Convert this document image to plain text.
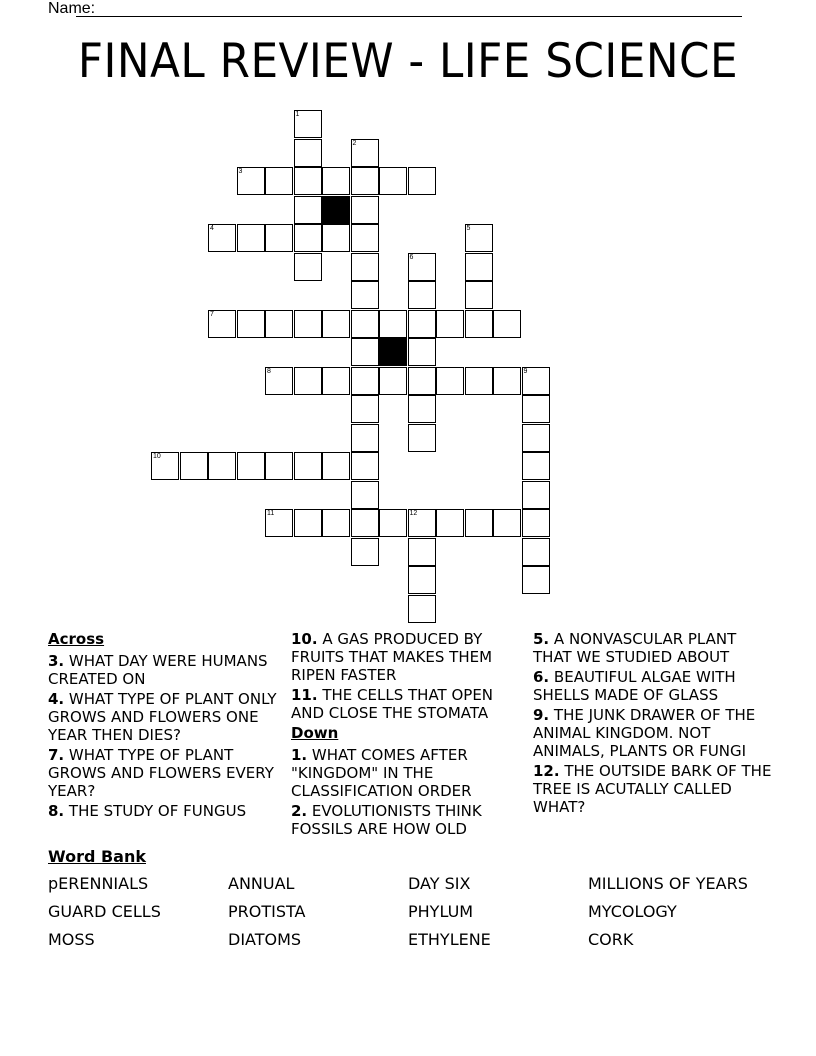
Name:
FINAL REVIEW - LIFE SCIENCE
1
2
3
4	5
6
7
8	9
10
11	12
Across
3. WHAT DAY WERE HUMANS CREATED ON
4. WHAT TYPE OF PLANT ONLY GROWS AND FLOWERS ONE YEAR THEN DIES?
7. WHAT TYPE OF PLANT GROWS AND FLOWERS EVERY YEAR?
8. THE STUDY OF FUNGUS
10. A GAS PRODUCED BY FRUITS THAT MAKES THEM RIPEN FASTER
11. THE CELLS THAT OPEN AND CLOSE THE STOMATA
Down
1. WHAT COMES AFTER "KINGDOM" IN THE CLASSIFICATION ORDER
2. EVOLUTIONISTS THINK FOSSILS ARE HOW OLD
5. A NONVASCULAR PLANT THAT WE STUDIED ABOUT
6. BEAUTIFUL ALGAE WITH SHELLS MADE OF GLASS
9. THE JUNK DRAWER OF THE ANIMAL KINGDOM. NOT ANIMALS, PLANTS OR FUNGI
12. THE OUTSIDE BARK OF THE TREE IS ACUTALLY CALLED WHAT?
Word Bank
pERENNIALS	ANNUAL	DAY SIX	MILLIONS OF YEARS
GUARD CELLS	PROTISTA	PHYLUM	MYCOLOGY
MOSS	DIATOMS	ETHYLENE	CORK
